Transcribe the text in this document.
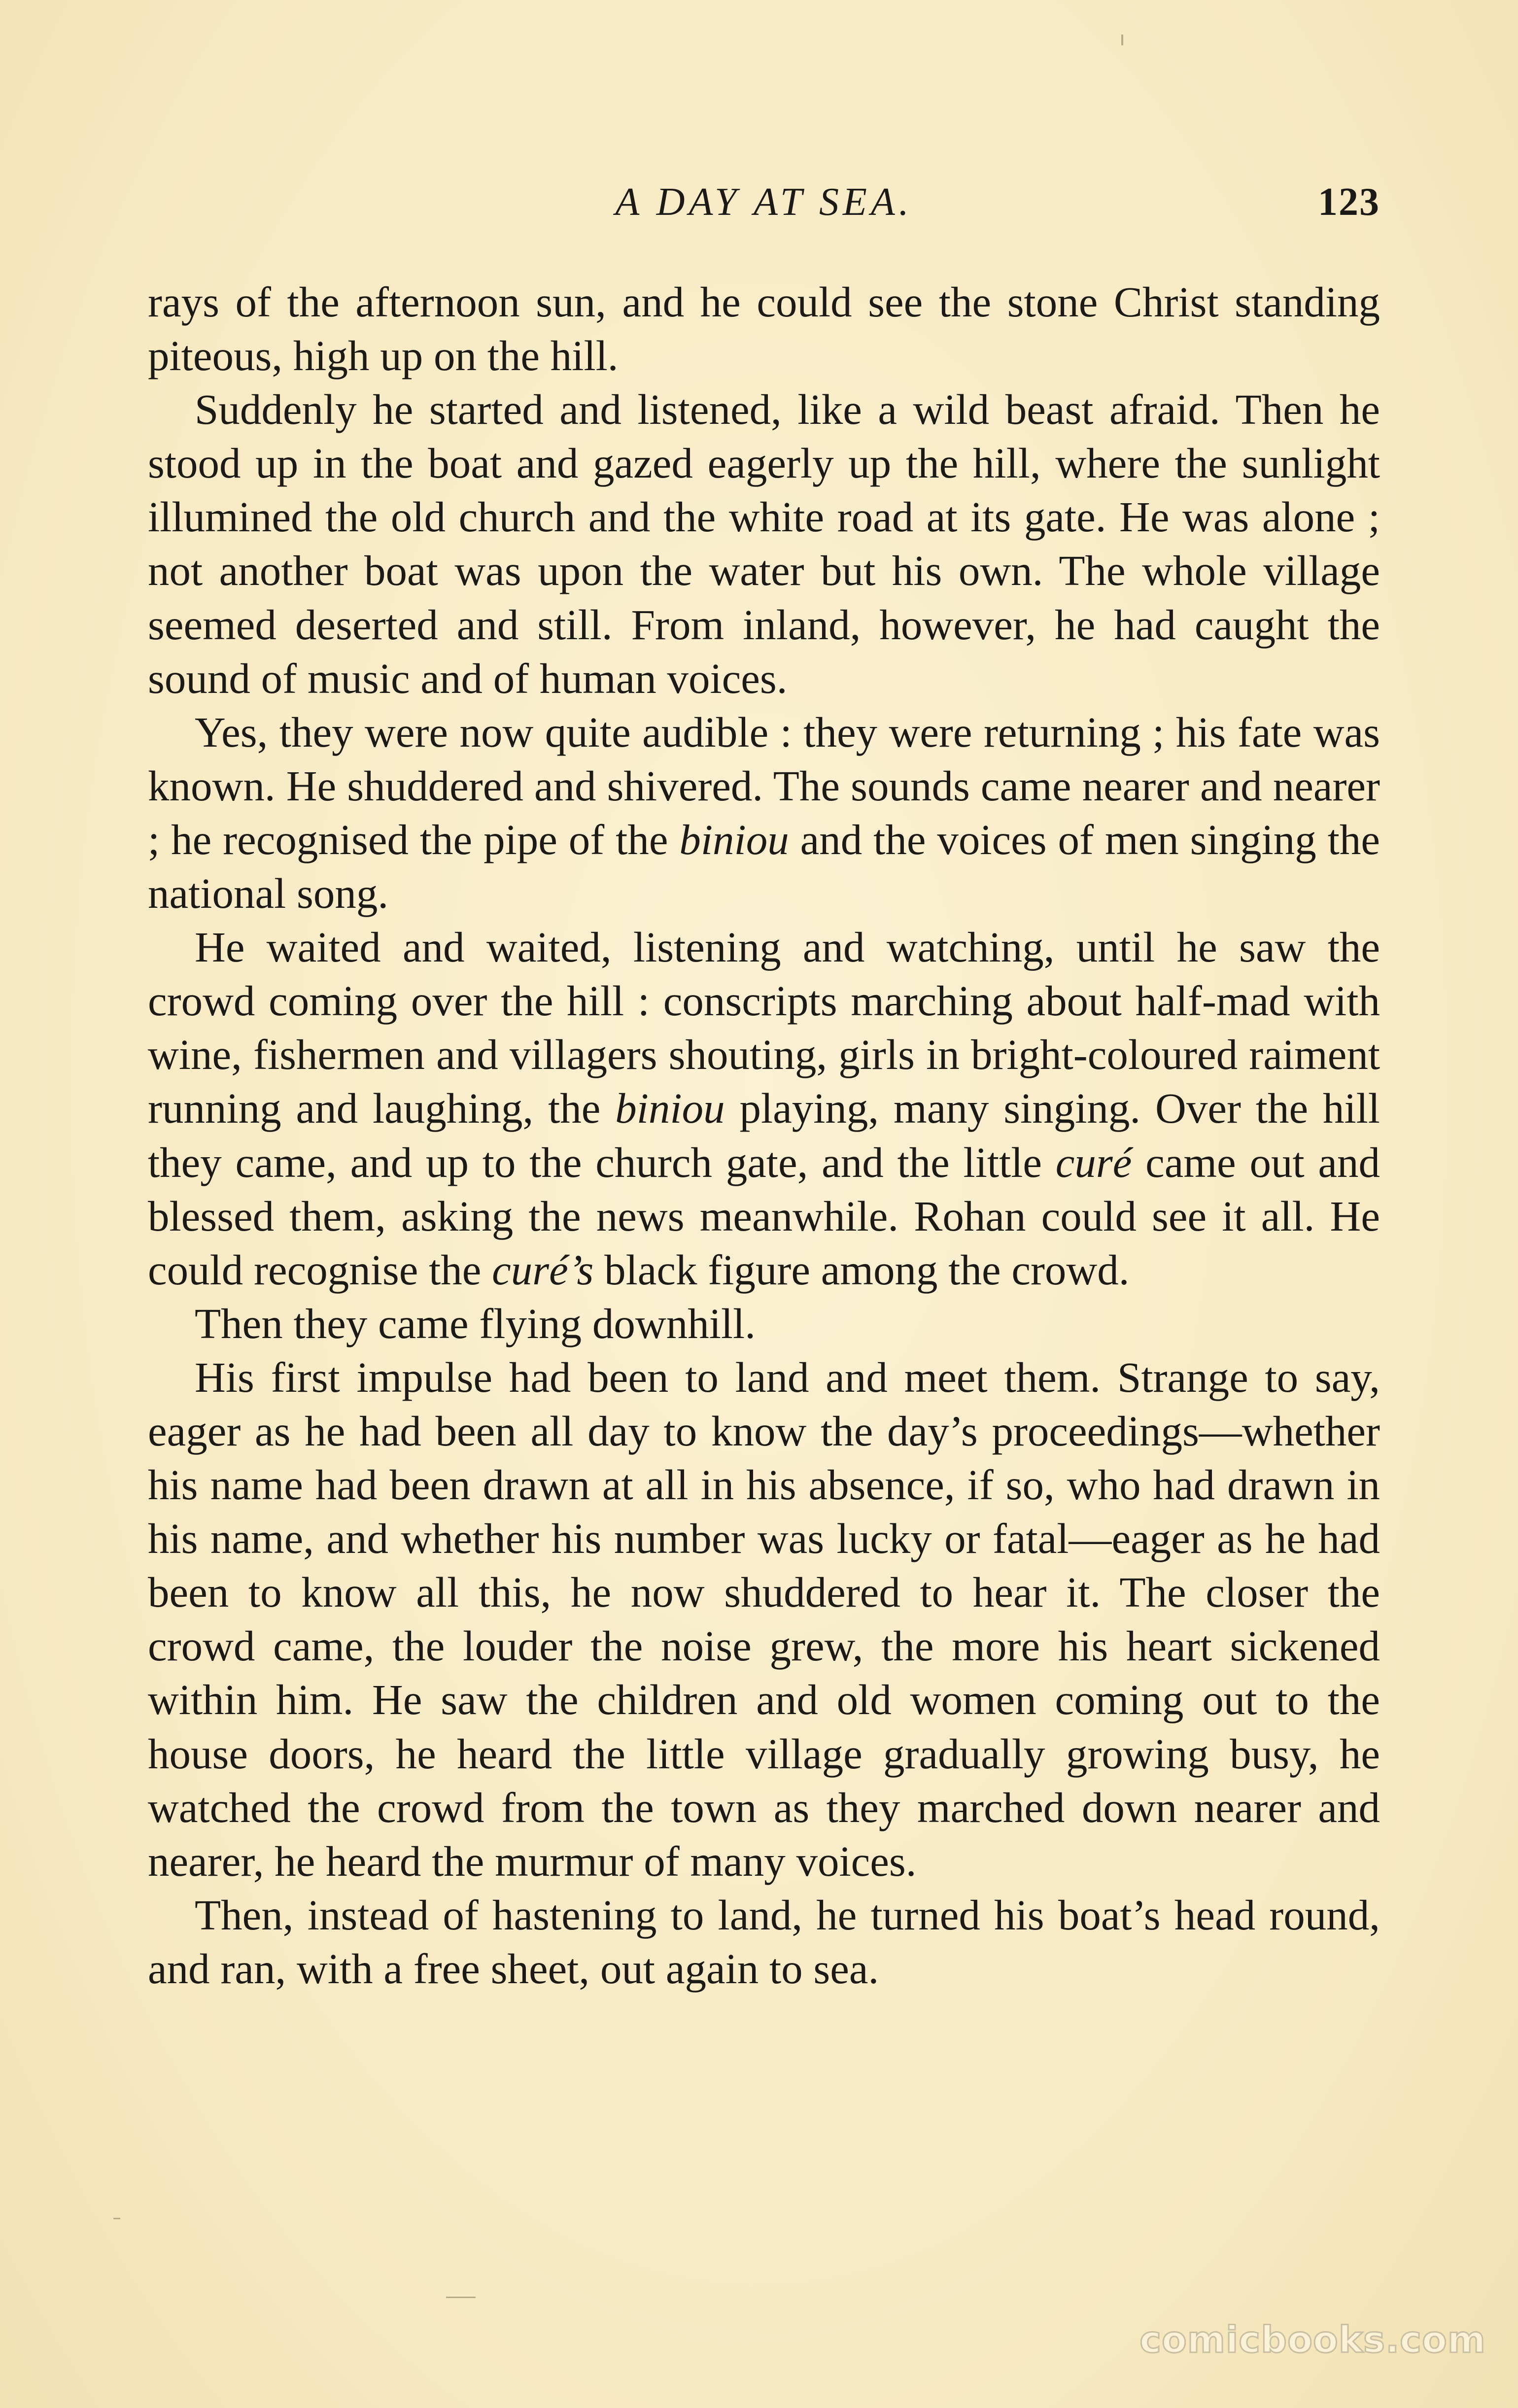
A DAY AT SEA.	123

rays of the afternoon sun, and he could see the stone Christ standing piteous, high up on the hill.

Suddenly he started and listened, like a wild beast afraid. Then he stood up in the boat and gazed eagerly up the hill, where the sunlight illumined the old church and the white road at its gate. He was alone ; not another boat was upon the water but his own. The whole village seemed deserted and still. From inland, however, he had caught the sound of music and of human voices.

Yes, they were now quite audible : they were returning ; his fate was known. He shuddered and shivered. The sounds came nearer and nearer ; he recognised the pipe of the biniou and the voices of men singing the national song.

He waited and waited, listening and watching, until he saw the crowd coming over the hill : conscripts marching about half-mad with wine, fishermen and villagers shouting, girls in bright-coloured raiment running and laughing, the biniou playing, many singing. Over the hill they came, and up to the church gate, and the little curé came out and blessed them, asking the news meanwhile. Rohan could see it all. He could recognise the curé’s black figure among the crowd.

Then they came flying downhill.

His first impulse had been to land and meet them. Strange to say, eager as he had been all day to know the day’s proceedings—whether his name had been drawn at all in his absence, if so, who had drawn in his name, and whether his number was lucky or fatal—eager as he had been to know all this, he now shuddered to hear it. The closer the crowd came, the louder the noise grew, the more his heart sickened within him. He saw the children and old women coming out to the house doors, he heard the little village gradually growing busy, he watched the crowd from the town as they marched down nearer and nearer, he heard the murmur of many voices.

Then, instead of hastening to land, he turned his boat’s head round, and ran, with a free sheet, out again to sea.

comicbooks.com
